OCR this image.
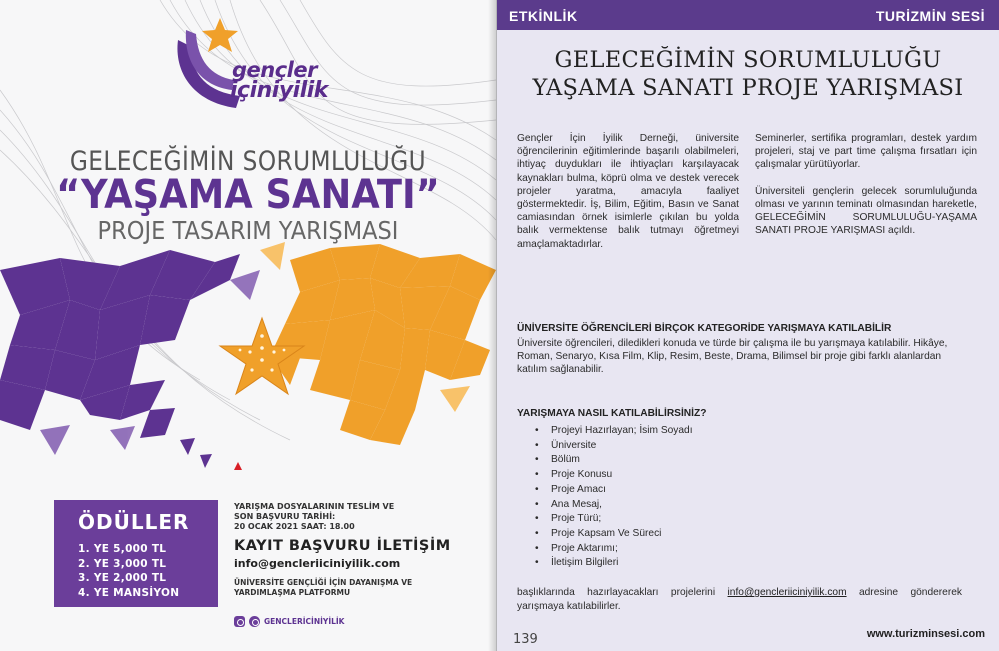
gençler
içiniyilik
GELECEĞİMİN SORUMLULUĞU
“YAŞAMA SANATI”
PROJE TASARIM YARIŞMASI
ÖDÜLLER
1. YE 5,000 TL
2. YE 3,000 TL
3. YE 2,000 TL
4. YE MANSİYON
YARIŞMA DOSYALARININ TESLİM VE
SON BAŞVURU TARİHİ:
20 OCAK 2021 SAAT: 18.00
KAYIT BAŞVURU İLETİŞİM
info@gencleriiciniyilik.com
ÜNİVERSİTE GENÇLİĞİ İÇİN DAYANIŞMA VE
YARDIMLAŞMA PLATFORMU
GENCLERİCİNİYİLİK
ETKİNLİK	TURİZMİN SESİ
GELECEĞİMİN SORUMLULUĞU
YAŞAMA SANATI PROJE YARIŞMASI

Gençler İçin İyilik Derneği, üniversite öğrencilerinin eğitimlerinde başarılı olabilmeleri, ihtiyaç duydukları ile ihtiyaçları karşılayacak kaynakları bulma, köprü olma ve destek verecek projeler yaratma, amacıyla faaliyet göstermektedir. İş, Bilim, Eğitim, Basın ve Sanat camiasından örnek isimlerle çıkılan bu yolda balık vermektense balık tutmayı öğretmeyi amaçlamaktadırlar.

Seminerler, sertifika programları, destek yardım projeleri, staj ve part time çalışma fırsatları için çalışmalar yürütüyorlar.

Üniversiteli gençlerin gelecek sorumluluğunda olması ve yarının teminatı olmasından hareketle, GELECEĞİMİN SORUMLULUĞU-YAŞAMA SANATI PROJE YARIŞMASI açıldı.

ÜNİVERSİTE ÖĞRENCİLERİ BİRÇOK KATEGORİDE YARIŞMAYA KATILABİLİR
Üniversite öğrencileri, diledikleri konuda ve türde bir çalışma ile bu yarışmaya katılabilir. Hikâye, Roman, Senaryo, Kısa Film, Klip, Resim, Beste, Drama, Bilimsel bir proje gibi farklı alanlardan katılım sağlanabilir.
YARIŞMAYA NASIL KATILABİLİRSİNİZ?
• Projeyi Hazırlayan; İsim Soyadı
• Üniversite
• Bölüm
• Proje Konusu
• Proje Amacı
• Ana Mesaj,
• Proje Türü;
• Proje Kapsam Ve Süreci
• Proje Aktarımı;
• İletişim Bilgileri
başlıklarında hazırlayacakları projelerini info@gencleriiciniyilik.com adresine göndererek yarışmaya katılabilirler.
139	www.turizminsesi.com
